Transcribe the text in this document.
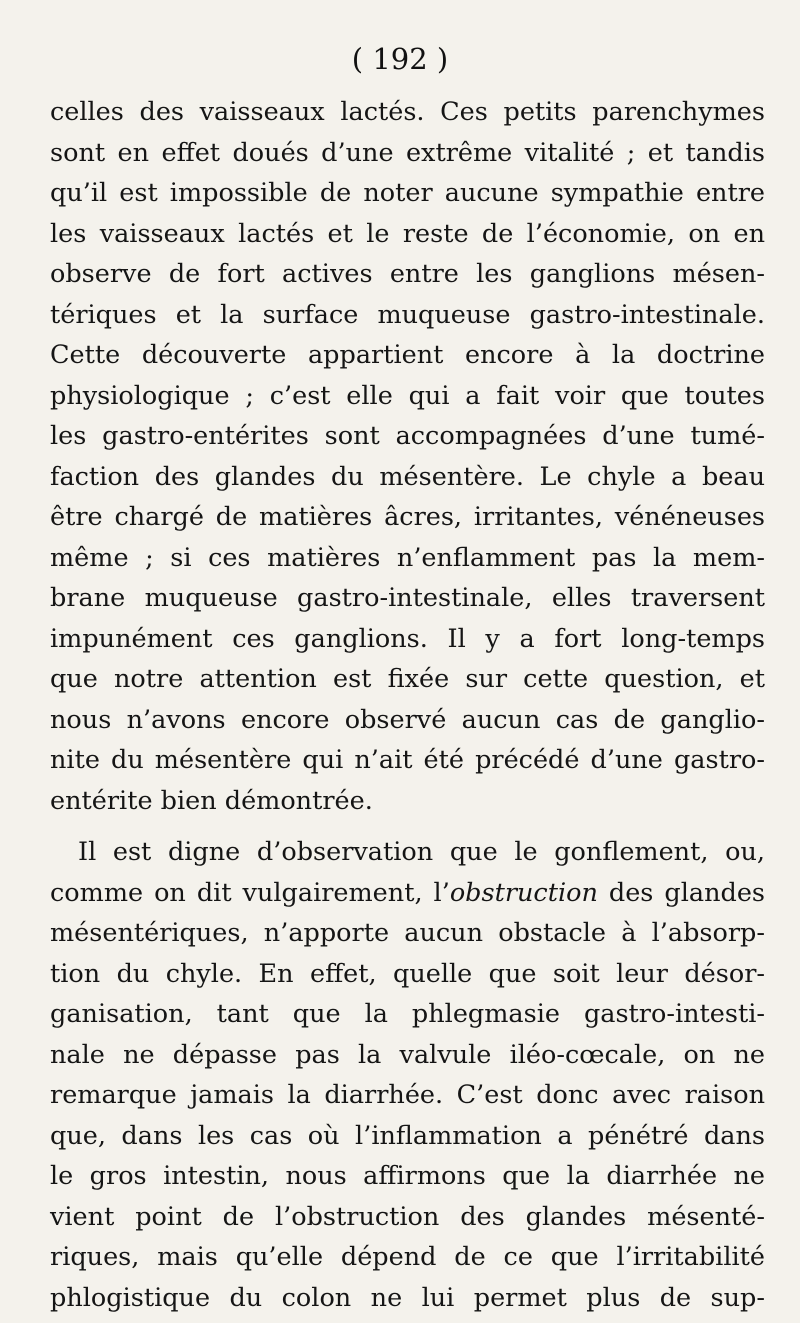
( 192 )
celles des vaisseaux lactés. Ces petits parenchymes
sont en effet doués d’une extrême vitalité ; et tandis
qu’il est impossible de noter aucune sympathie entre
les vaisseaux lactés et le reste de l’économie, on en
observe de fort actives entre les ganglions mésen-
tériques et la surface muqueuse gastro-intestinale.
Cette découverte appartient encore à la doctrine
physiologique ; c’est elle qui a fait voir que toutes
les gastro-entérites sont accompagnées d’une tumé-
faction des glandes du mésentère. Le chyle a beau
être chargé de matières âcres, irritantes, vénéneuses
même ; si ces matières n’enflamment pas la mem-
brane muqueuse gastro-intestinale, elles traversent
impunément ces ganglions. Il y a fort long-temps
que notre attention est fixée sur cette question, et
nous n’avons encore observé aucun cas de ganglio-
nite du mésentère qui n’ait été précédé d’une gastro-
entérite bien démontrée.
Il est digne d’observation que le gonflement, ou,
comme on dit vulgairement, l’obstruction des glandes
mésentériques, n’apporte aucun obstacle à l’absorp-
tion du chyle. En effet, quelle que soit leur désor-
ganisation, tant que la phlegmasie gastro-intesti-
nale ne dépasse pas la valvule iléo-cœcale, on ne
remarque jamais la diarrhée. C’est donc avec raison
que, dans les cas où l’inflammation a pénétré dans
le gros intestin, nous affirmons que la diarrhée ne
vient point de l’obstruction des glandes mésenté-
riques, mais qu’elle dépend de ce que l’irritabilité
phlogistique du colon ne lui permet plus de sup-
